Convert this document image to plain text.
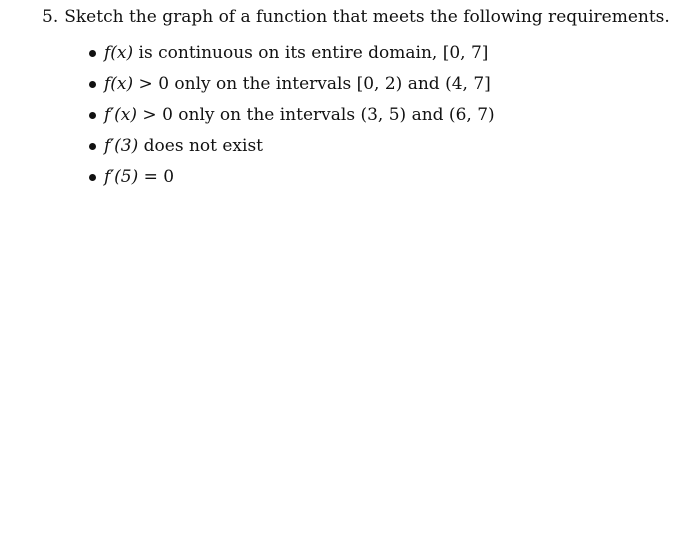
5. Sketch the graph of a function that meets the following requirements.
f(x) is continuous on its entire domain, [0, 7]
f(x) > 0 only on the intervals [0, 2) and (4, 7]
f′(x) > 0 only on the intervals (3, 5) and (6, 7)
f′(3) does not exist
f′(5) = 0
